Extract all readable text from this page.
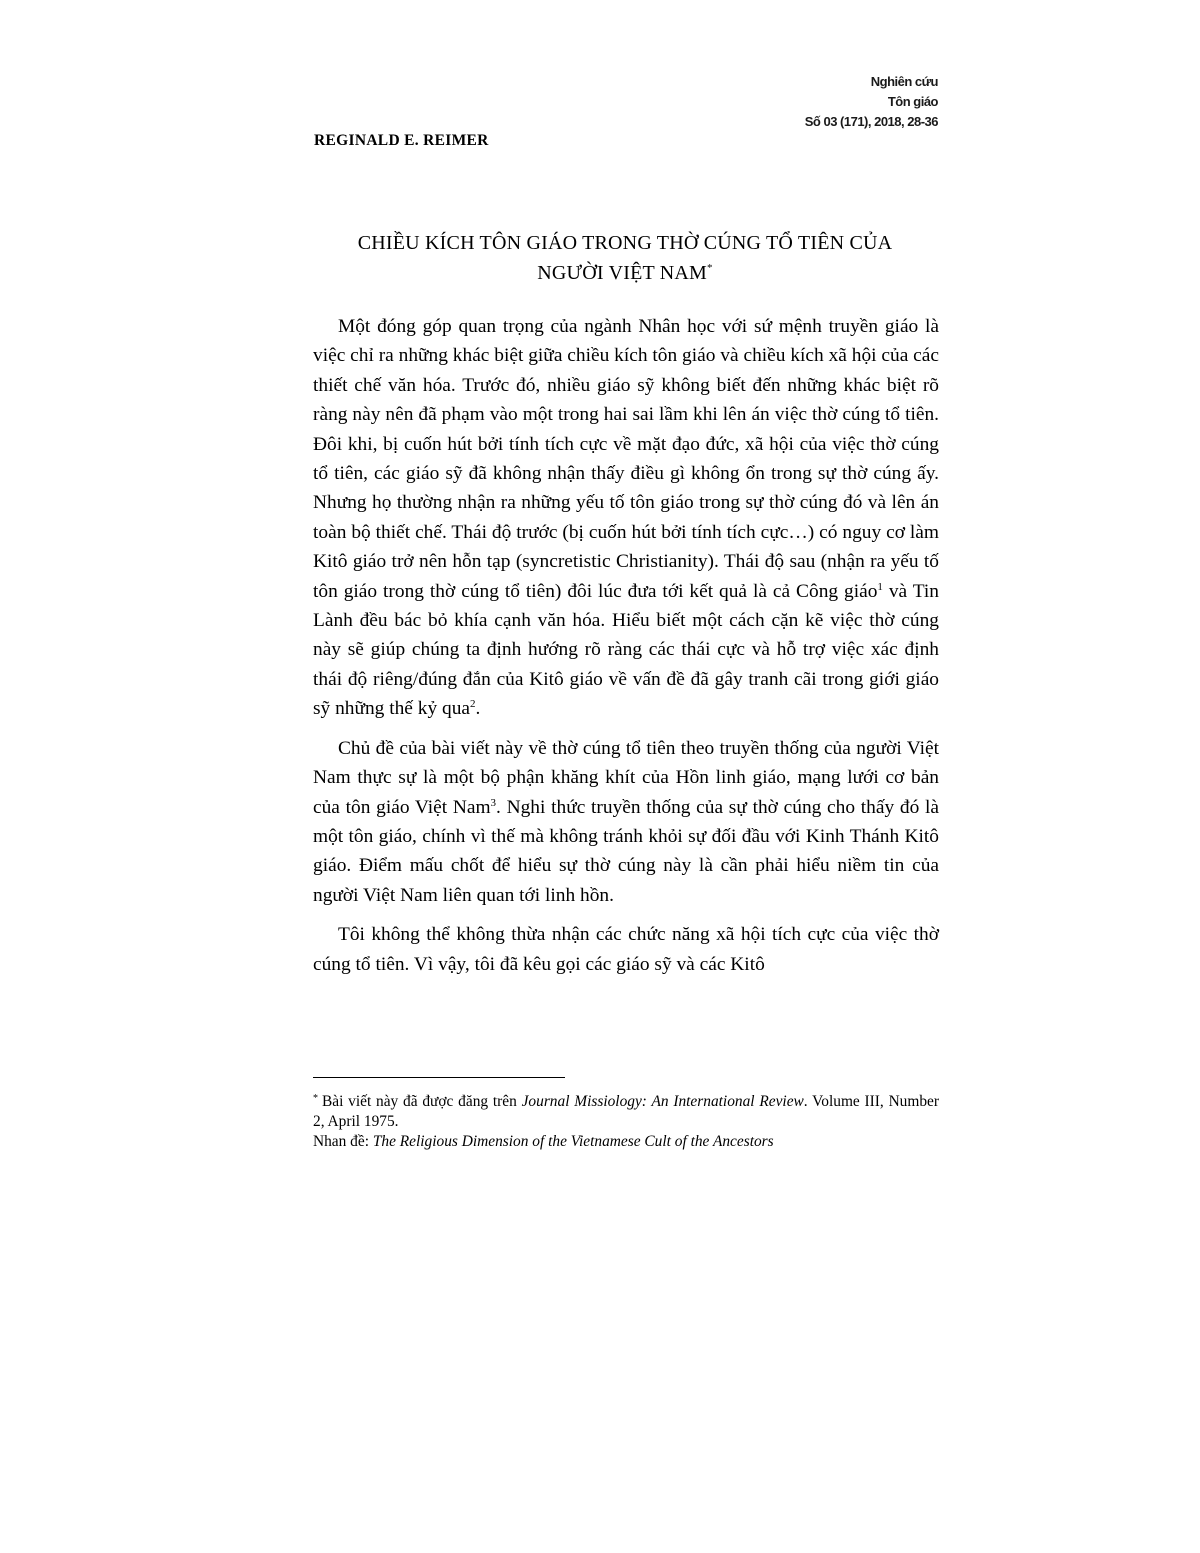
Nghiên cứu
Tôn giáo
Số 03 (171), 2018, 28-36
REGINALD E. REIMER
CHIỀU KÍCH TÔN GIÁO TRONG THỜ CÚNG TỔ TIÊN CỦA
NGƯỜI VIỆT NAM*

Một đóng góp quan trọng của ngành Nhân học với sứ mệnh truyền giáo là việc chỉ ra những khác biệt giữa chiều kích tôn giáo và chiều kích xã hội của các thiết chế văn hóa. Trước đó, nhiều giáo sỹ không biết đến những khác biệt rõ ràng này nên đã phạm vào một trong hai sai lầm khi lên án việc thờ cúng tổ tiên. Đôi khi, bị cuốn hút bởi tính tích cực về mặt đạo đức, xã hội của việc thờ cúng tổ tiên, các giáo sỹ đã không nhận thấy điều gì không ổn trong sự thờ cúng ấy. Nhưng họ thường nhận ra những yếu tố tôn giáo trong sự thờ cúng đó và lên án toàn bộ thiết chế. Thái độ trước (bị cuốn hút bởi tính tích cực…) có nguy cơ làm Kitô giáo trở nên hỗn tạp (syncretistic Christianity). Thái độ sau (nhận ra yếu tố tôn giáo trong thờ cúng tổ tiên) đôi lúc đưa tới kết quả là cả Công giáo$^1$ và Tin Lành đều bác bỏ khía cạnh văn hóa. Hiểu biết một cách cặn kẽ việc thờ cúng này sẽ giúp chúng ta định hướng rõ ràng các thái cực và hỗ trợ việc xác định thái độ riêng/đúng đắn của Kitô giáo về vấn đề đã gây tranh cãi trong giới giáo sỹ những thế kỷ qua$^2$.

Chủ đề của bài viết này về thờ cúng tổ tiên theo truyền thống của người Việt Nam thực sự là một bộ phận khăng khít của Hồn linh giáo, mạng lưới cơ bản của tôn giáo Việt Nam$^3$. Nghi thức truyền thống của sự thờ cúng cho thấy đó là một tôn giáo, chính vì thế mà không tránh khỏi sự đối đầu với Kinh Thánh Kitô giáo. Điểm mấu chốt để hiểu sự thờ cúng này là cần phải hiểu niềm tin của người Việt Nam liên quan tới linh hồn.

Tôi không thể không thừa nhận các chức năng xã hội tích cực của việc thờ cúng tổ tiên. Vì vậy, tôi đã kêu gọi các giáo sỹ và các Kitô

* Bài viết này đã được đăng trên Journal Missiology: An International Review. Volume III, Number 2, April 1975.

Nhan đề: The Religious Dimension of the Vietnamese Cult of the Ancestors
